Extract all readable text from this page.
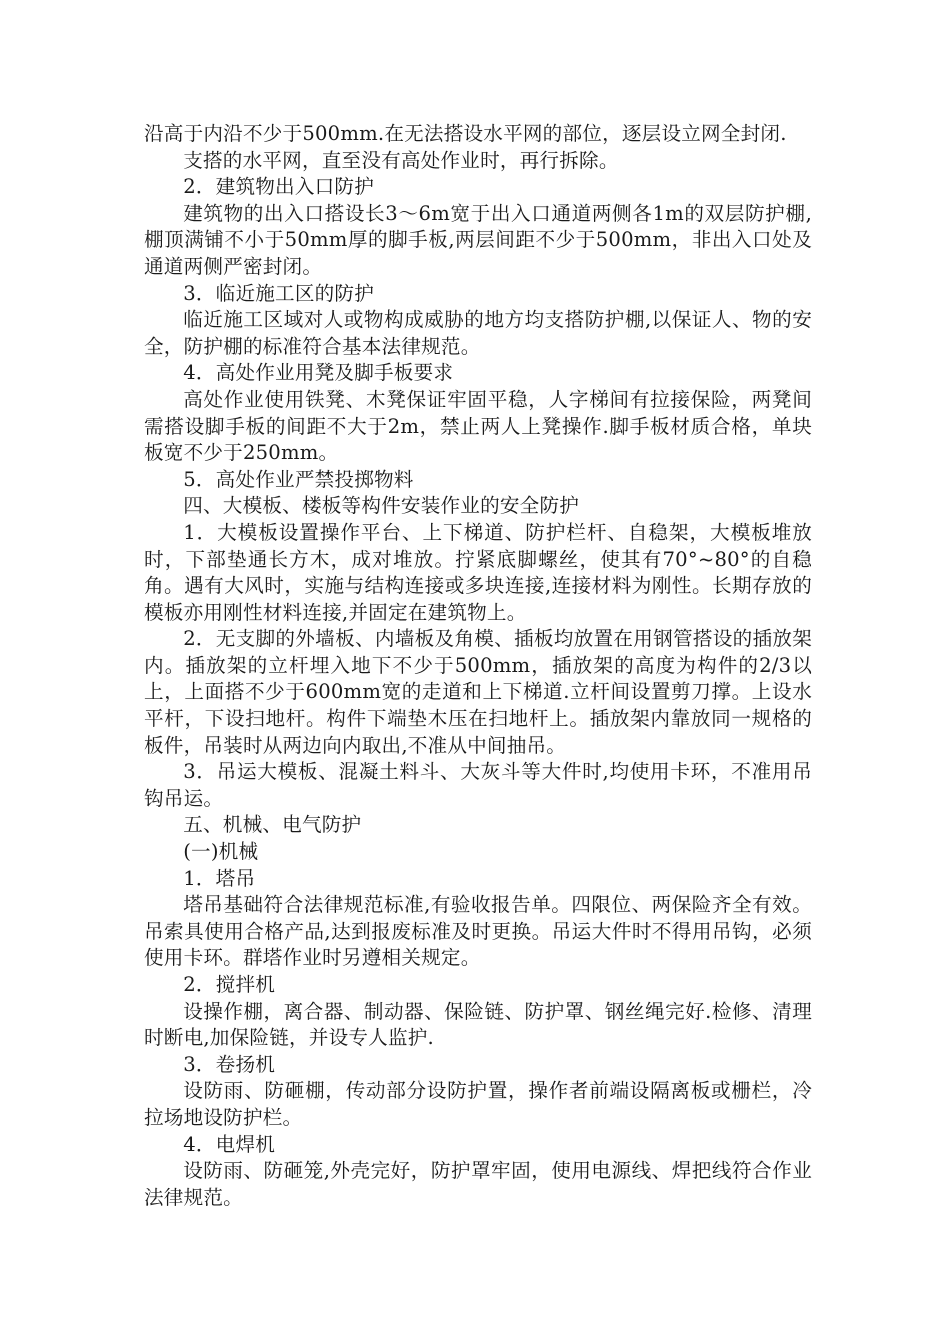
沿高于内沿不少于500mm.在无法搭设水平网的部位，逐层设立网全封闭.

支搭的水平网，直至没有高处作业时，再行拆除。

2．建筑物出入口防护

建筑物的出入口搭设长3～6m宽于出入口通道两侧各1m的双层防护棚,棚顶满铺不小于50mm厚的脚手板,两层间距不少于500mm，非出入口处及通道两侧严密封闭。

3．临近施工区的防护

临近施工区域对人或物构成威胁的地方均支搭防护棚,以保证人、物的安全，防护棚的标准符合基本法律规范。

4．高处作业用凳及脚手板要求

高处作业使用铁凳、木凳保证牢固平稳，人字梯间有拉接保险，两凳间需搭设脚手板的间距不大于2m，禁止两人上凳操作.脚手板材质合格，单块板宽不少于250mm。

5．高处作业严禁投掷物料

四、大模板、楼板等构件安装作业的安全防护

1．大模板设置操作平台、上下梯道、防护栏杆、自稳架，大模板堆放时，下部垫通长方木，成对堆放。拧紧底脚螺丝，使其有70°~80°的自稳角。遇有大风时，实施与结构连接或多块连接,连接材料为刚性。长期存放的模板亦用刚性材料连接,并固定在建筑物上。

2．无支脚的外墙板、内墙板及角模、插板均放置在用钢管搭设的插放架内。插放架的立杆埋入地下不少于500mm，插放架的高度为构件的2/3以上，上面搭不少于600mm宽的走道和上下梯道.立杆间设置剪刀撑。上设水平杆，下设扫地杆。构件下端垫木压在扫地杆上。插放架内靠放同一规格的板件，吊装时从两边向内取出,不准从中间抽吊。

3．吊运大模板、混凝土料斗、大灰斗等大件时,均使用卡环，不准用吊钩吊运。

五、机械、电气防护

(一)机械

1．塔吊

塔吊基础符合法律规范标准,有验收报告单。四限位、两保险齐全有效。吊索具使用合格产品,达到报废标准及时更换。吊运大件时不得用吊钩，必须使用卡环。群塔作业时另遵相关规定。

2．搅拌机

设操作棚，离合器、制动器、保险链、防护罩、钢丝绳完好.检修、清理时断电,加保险链，并设专人监护.

3．卷扬机

设防雨、防砸棚，传动部分设防护置，操作者前端设隔离板或栅栏，冷拉场地设防护栏。

4．电焊机

设防雨、防砸笼,外壳完好，防护罩牢固，使用电源线、焊把线符合作业法律规范。
